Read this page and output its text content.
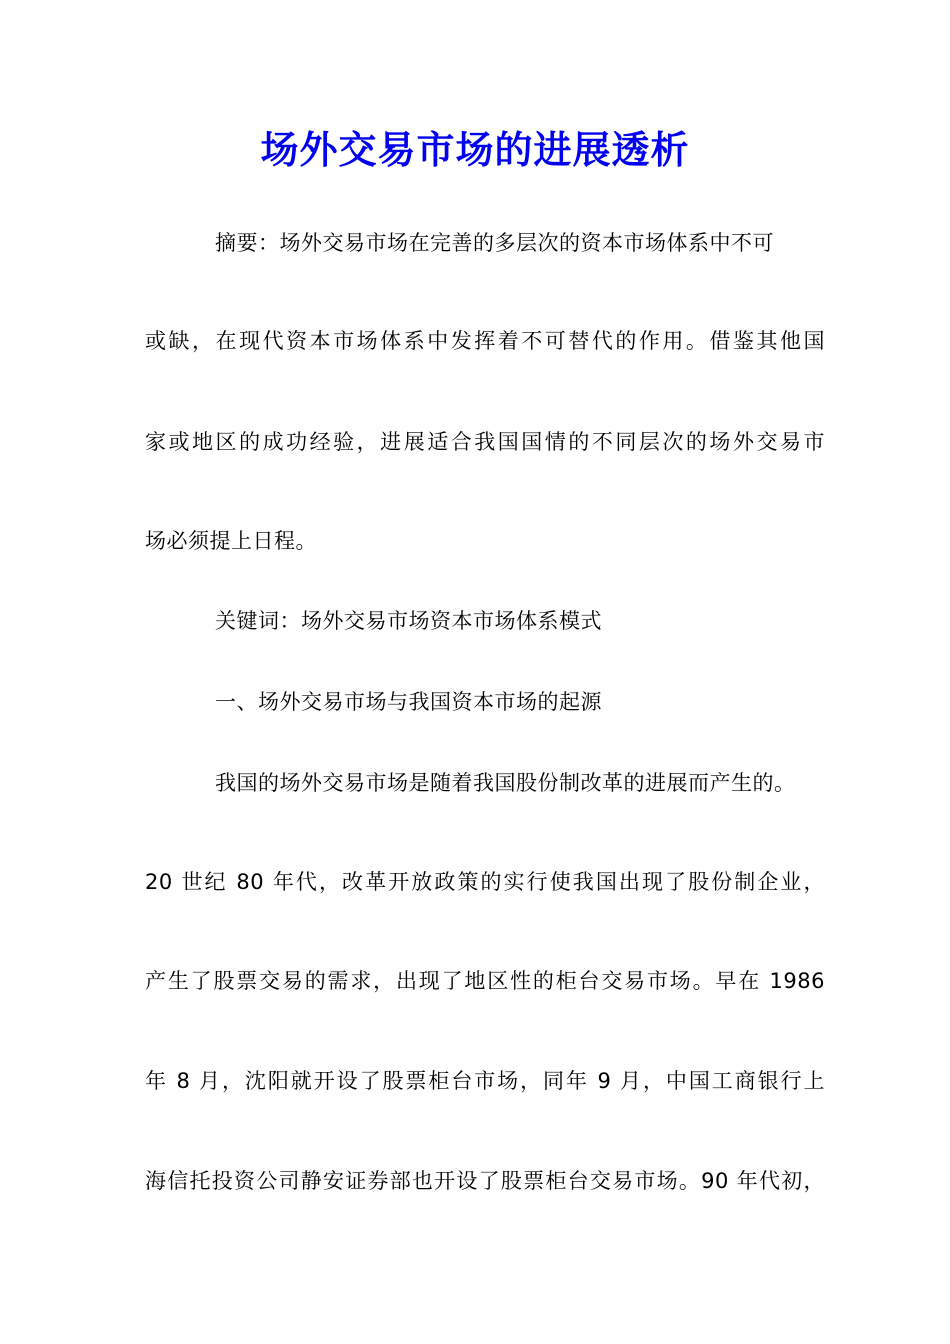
场外交易市场的进展透析
摘要：场外交易市场在完善的多层次的资本市场体系中不可
或缺，在现代资本市场体系中发挥着不可替代的作用。借鉴其他国
家或地区的成功经验，进展适合我国国情的不同层次的场外交易市
场必须提上日程。
关键词：场外交易市场资本市场体系模式
一、场外交易市场与我国资本市场的起源
我国的场外交易市场是随着我国股份制改革的进展而产生的。
20 世纪 80 年代，改革开放政策的实行使我国出现了股份制企业，
产生了股票交易的需求，出现了地区性的柜台交易市场。早在 1986
年 8 月，沈阳就开设了股票柜台市场，同年 9 月，中国工商银行上
海信托投资公司静安证券部也开设了股票柜台交易市场。90 年代初，
